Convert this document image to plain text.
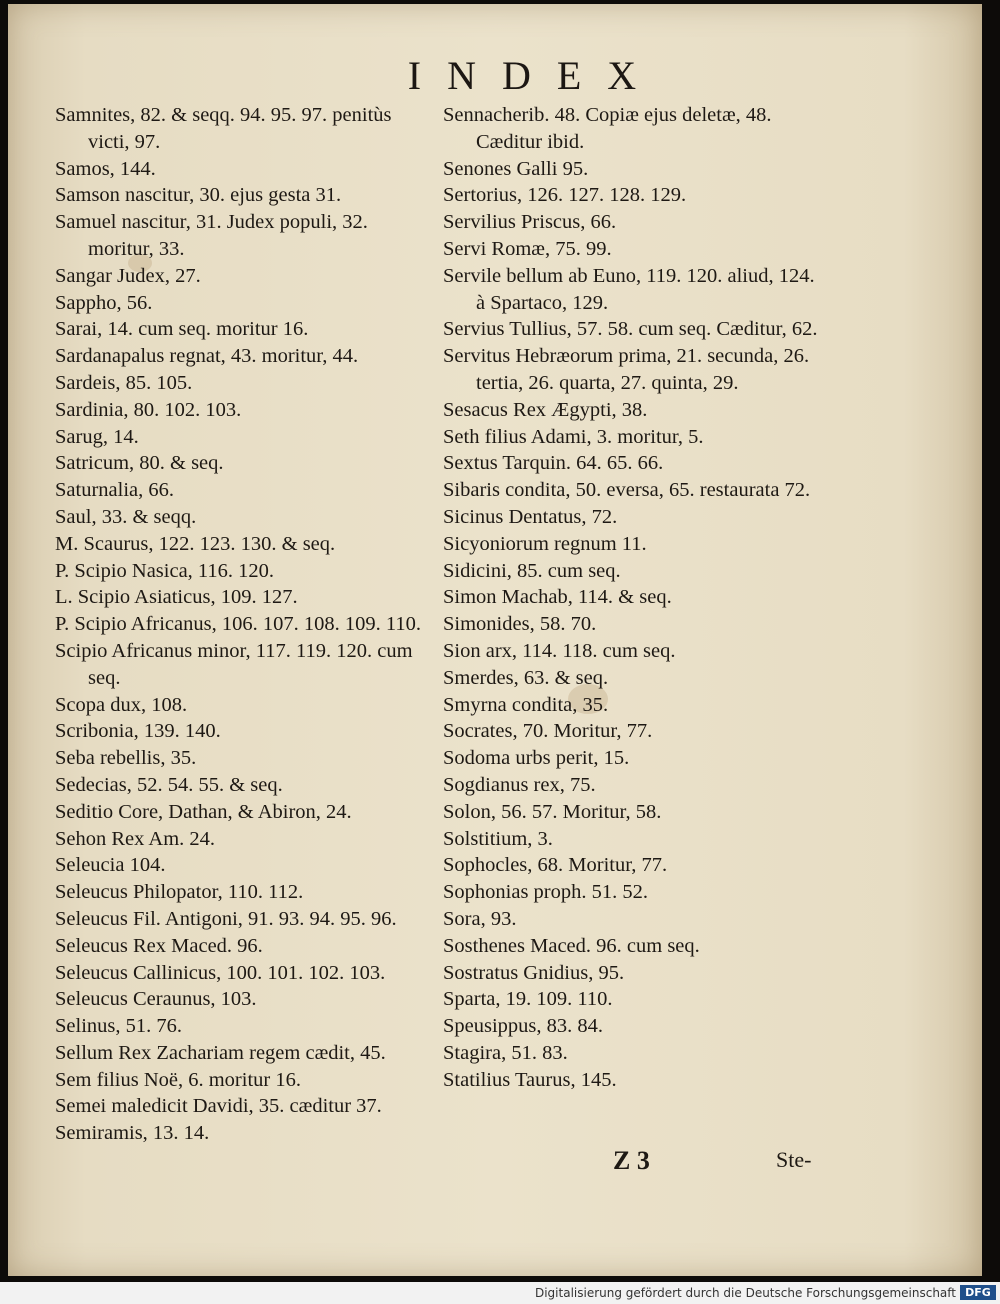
INDEX
Samnites, 82. & seqq. 94. 95. 97. penitùs victi, 97.
Samos, 144.
Samson nascitur, 30. ejus gesta 31.
Samuel nascitur, 31. Judex populi, 32. moritur, 33.
Sangar Judex, 27.
Sappho, 56.
Sarai, 14. cum seq. moritur 16.
Sardanapalus regnat, 43. moritur, 44.
Sardeis, 85. 105.
Sardinia, 80. 102. 103.
Sarug, 14.
Satricum, 80. & seq.
Saturnalia, 66.
Saul, 33. & seqq.
M. Scaurus, 122. 123. 130. & seq.
P. Scipio Nasica, 116. 120.
L. Scipio Asiaticus, 109. 127.
P. Scipio Africanus, 106. 107. 108. 109. 110.
Scipio Africanus minor, 117. 119. 120. cum seq.
Scopa dux, 108.
Scribonia, 139. 140.
Seba rebellis, 35.
Sedecias, 52. 54. 55. & seq.
Seditio Core, Dathan, & Abiron, 24.
Sehon Rex Am. 24.
Seleucia 104.
Seleucus Philopator, 110. 112.
Seleucus Fil. Antigoni, 91. 93. 94. 95. 96.
Seleucus Rex Maced. 96.
Seleucus Callinicus, 100. 101. 102. 103.
Seleucus Ceraunus, 103.
Selinus, 51. 76.
Sellum Rex Zachariam regem cædit, 45.
Sem filius Noë, 6. moritur 16.
Semei maledicit Davidi, 35. cæditur 37.
Semiramis, 13. 14.
Sennacherib. 48. Copiæ ejus deletæ, 48. Cæditur ibid.
Senones Galli 95.
Sertorius, 126. 127. 128. 129.
Servilius Priscus, 66.
Servi Romæ, 75. 99.
Servile bellum ab Euno, 119. 120. aliud, 124. à Spartaco, 129.
Servius Tullius, 57. 58. cum seq. Cæditur, 62.
Servitus Hebræorum prima, 21. secunda, 26. tertia, 26. quarta, 27. quinta, 29.
Sesacus Rex Ægypti, 38.
Seth filius Adami, 3. moritur, 5.
Sextus Tarquin. 64. 65. 66.
Sibaris condita, 50. eversa, 65. restaurata 72.
Sicinus Dentatus, 72.
Sicyoniorum regnum 11.
Sidicini, 85. cum seq.
Simon Machab, 114. & seq.
Simonides, 58. 70.
Sion arx, 114. 118. cum seq.
Smerdes, 63. & seq.
Smyrna condita, 35.
Socrates, 70. Moritur, 77.
Sodoma urbs perit, 15.
Sogdianus rex, 75.
Solon, 56. 57. Moritur, 58.
Solstitium, 3.
Sophocles, 68. Moritur, 77.
Sophonias proph. 51. 52.
Sora, 93.
Sosthenes Maced. 96. cum seq.
Sostratus Gnidius, 95.
Sparta, 19. 109. 110.
Speusippus, 83. 84.
Stagira, 51. 83.
Statilius Taurus, 145.
Z 3	Ste-
Digitalisierung gefördert durch die Deutsche Forschungsgemeinschaft DFG
